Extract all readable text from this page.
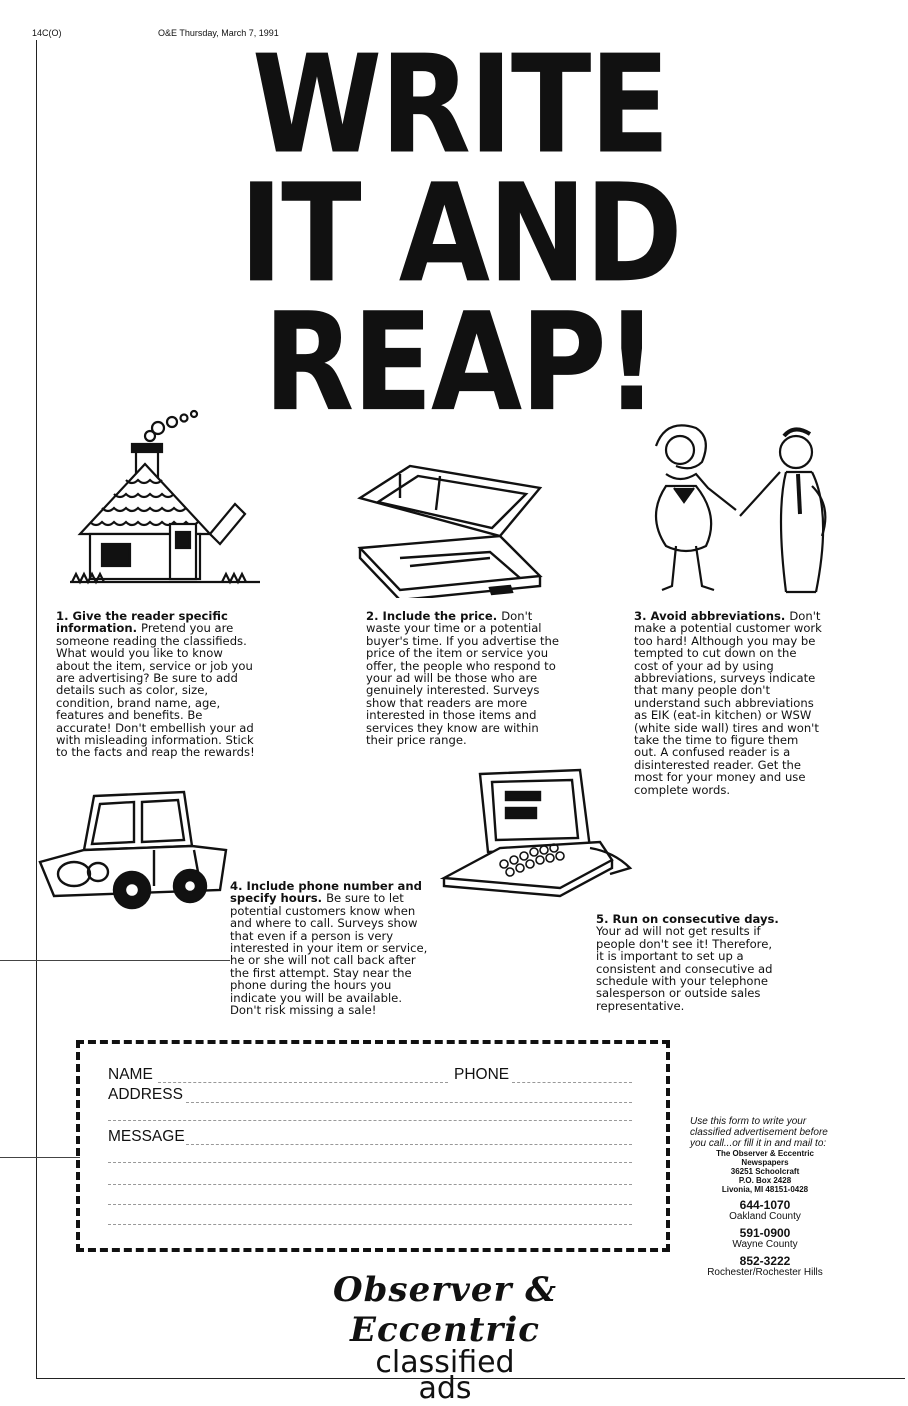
14C(O)	O&E Thursday, March 7, 1991
WRITE
IT AND
REAP!
1. Give the reader specific information. Pretend you are someone reading the classifieds. What would you like to know about the item, service or job you are advertising? Be sure to add details such as color, size, condition, brand name, age, features and benefits. Be accurate! Don't embellish your ad with misleading information. Stick to the facts and reap the rewards!
2. Include the price. Don't waste your time or a potential buyer's time. If you advertise the price of the item or service you offer, the people who respond to your ad will be those who are genuinely interested. Surveys show that readers are more interested in those items and services they know are within their price range.
3. Avoid abbreviations. Don't make a potential customer work too hard! Although you may be tempted to cut down on the cost of your ad by using abbreviations, surveys indicate that many people don't understand such abbreviations as EIK (eat-in kitchen) or WSW (white side wall) tires and won't take the time to figure them out. A confused reader is a disinterested reader. Get the most for your money and use complete words.
4. Include phone number and specify hours. Be sure to let potential customers know when and where to call. Surveys show that even if a person is very interested in your item or service, he or she will not call back after the first attempt. Stay near the phone during the hours you indicate you will be available. Don't risk missing a sale!
5. Run on consecutive days. Your ad will not get results if people don't see it! Therefore, it is important to set up a consistent and consecutive ad schedule with your telephone salesperson or outside sales representative.
NAME	PHONE
ADDRESS
MESSAGE
Use this form to write your classified advertisement before you call...or fill it in and mail to:
The Observer & Eccentric
Newspapers
36251 Schoolcraft
P.O. Box 2428
Livonia, MI 48151-0428
644-1070
Oakland County
591-0900
Wayne County
852-3222
Rochester/Rochester Hills
Observer & Eccentric
classified
ads
